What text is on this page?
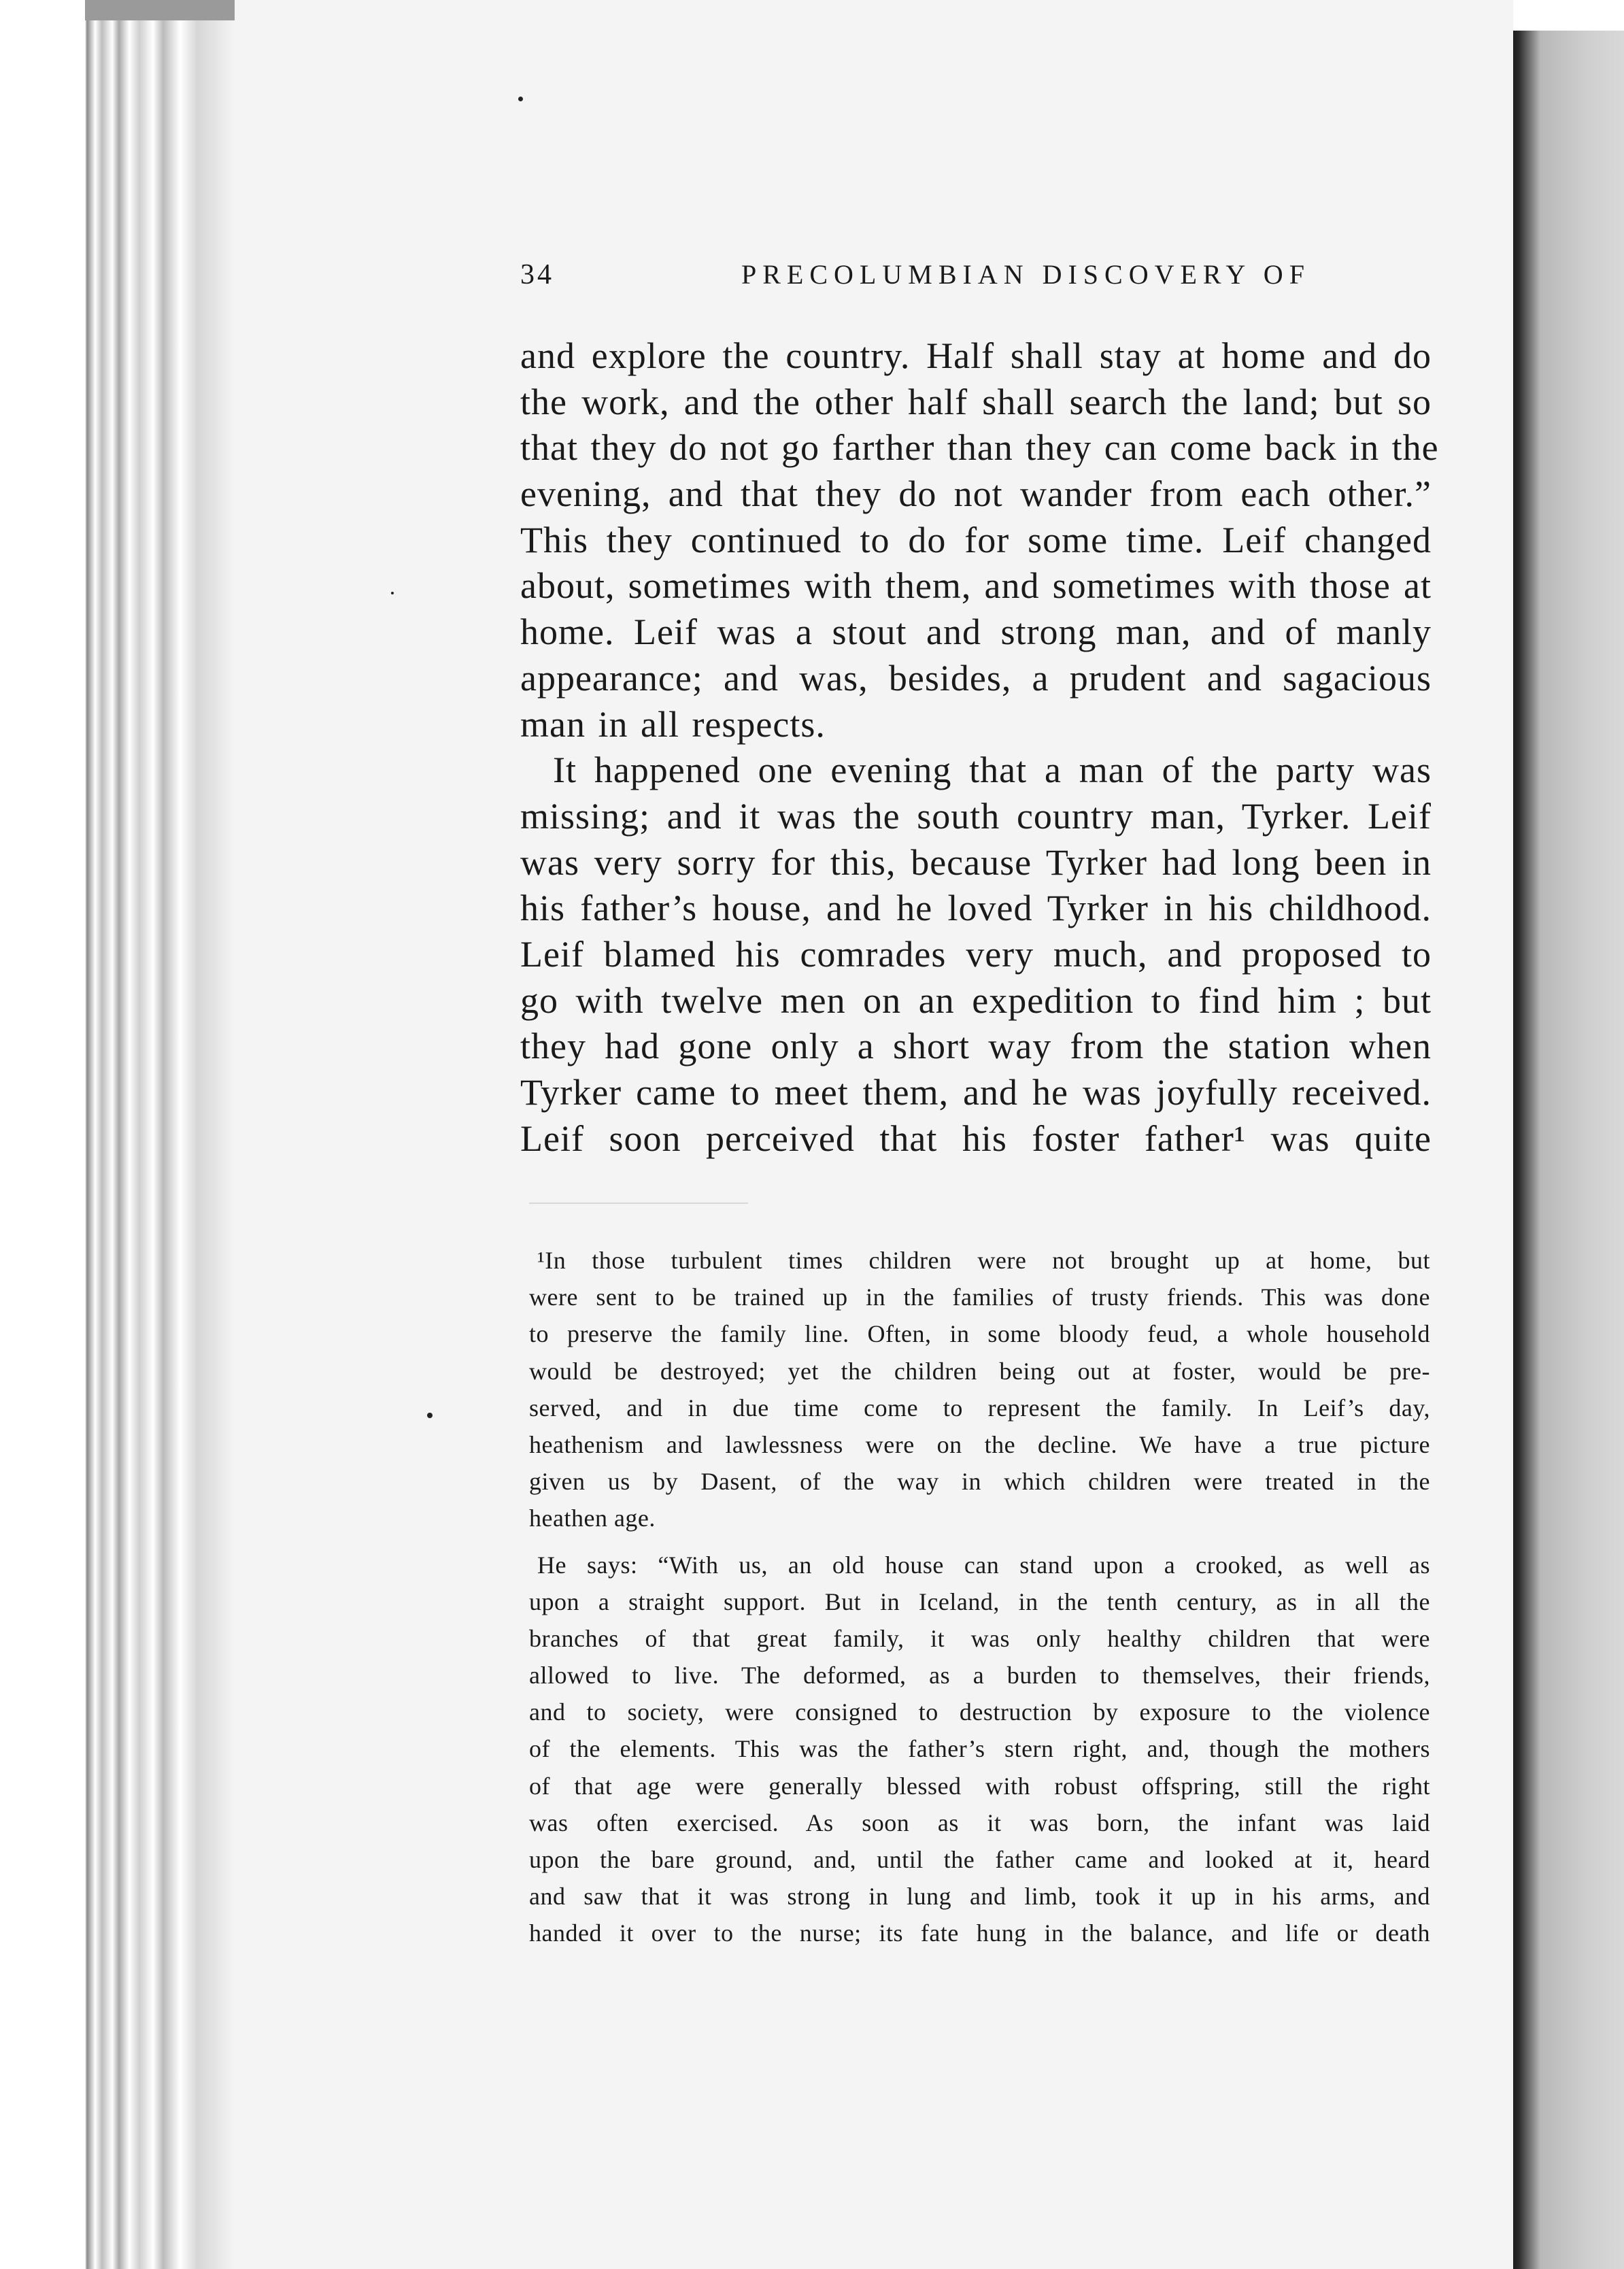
34	PRECOLUMBIAN DISCOVERY OF
and explore the country. Half shall stay at home and do
the work, and the other half shall search the land; but so
that they do not go farther than they can come back in the
evening, and that they do not wander from each other.”
This they continued to do for some time. Leif changed
about, sometimes with them, and sometimes with those at
home. Leif was a stout and strong man, and of manly
appearance; and was, besides, a prudent and sagacious
man in all respects.
It happened one evening that a man of the party was
missing; and it was the south country man, Tyrker. Leif
was very sorry for this, because Tyrker had long been in
his father’s house, and he loved Tyrker in his childhood.
Leif blamed his comrades very much, and proposed to
go with twelve men on an expedition to find him ; but
they had gone only a short way from the station when
Tyrker came to meet them, and he was joyfully received.
Leif soon perceived that his foster father¹ was quite
¹In those turbulent times children were not brought up at home, but
were sent to be trained up in the families of trusty friends. This was done
to preserve the family line. Often, in some bloody feud, a whole household
would be destroyed; yet the children being out at foster, would be pre-
served, and in due time come to represent the family. In Leif’s day,
heathenism and lawlessness were on the decline. We have a true picture
given us by Dasent, of the way in which children were treated in the
heathen age.
He says: “With us, an old house can stand upon a crooked, as well as
upon a straight support. But in Iceland, in the tenth century, as in all the
branches of that great family, it was only healthy children that were
allowed to live. The deformed, as a burden to themselves, their friends,
and to society, were consigned to destruction by exposure to the violence
of the elements. This was the father’s stern right, and, though the mothers
of that age were generally blessed with robust offspring, still the right
was often exercised. As soon as it was born, the infant was laid
upon the bare ground, and, until the father came and looked at it, heard
and saw that it was strong in lung and limb, took it up in his arms, and
handed it over to the nurse; its fate hung in the balance, and life or death
